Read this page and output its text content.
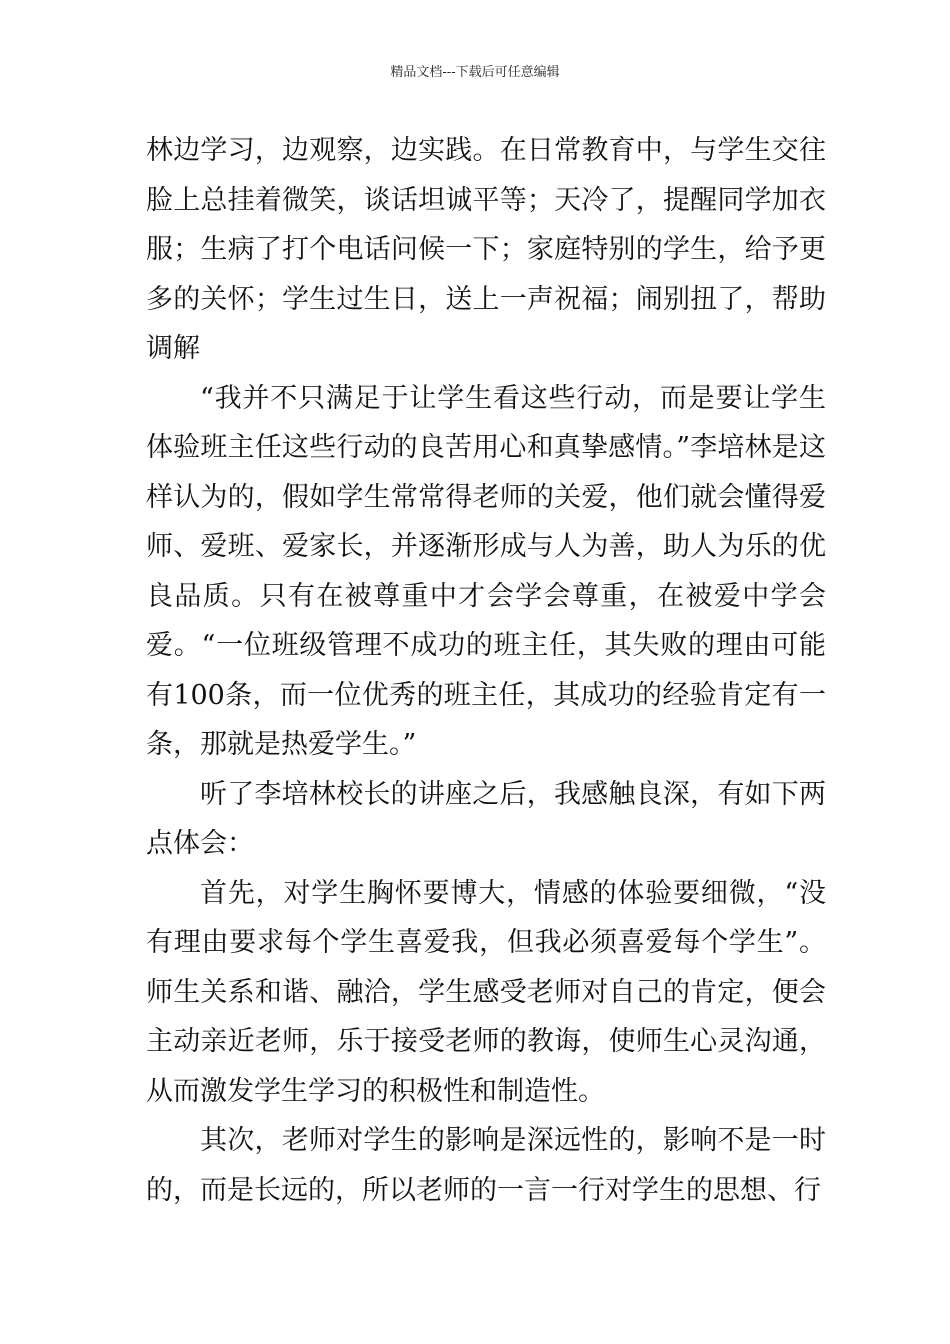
精品文档---下载后可任意编辑

林边学习，边观察，边实践。在日常教育中，与学生交往脸上总挂着微笑，谈话坦诚平等；天冷了，提醒同学加衣服；生病了打个电话问候一下；家庭特别的学生，给予更多的关怀；学生过生日，送上一声祝福；闹别扭了，帮助调解

“我并不只满足于让学生看这些行动，而是要让学生体验班主任这些行动的良苦用心和真挚感情。”李培林是这样认为的，假如学生常常得老师的关爱，他们就会懂得爱师、爱班、爱家长，并逐渐形成与人为善，助人为乐的优良品质。只有在被尊重中才会学会尊重，在被爱中学会爱。“一位班级管理不成功的班主任，其失败的理由可能有100条，而一位优秀的班主任，其成功的经验肯定有一条，那就是热爱学生。”

听了李培林校长的讲座之后，我感触良深，有如下两点体会：

首先，对学生胸怀要博大，情感的体验要细微，“没有理由要求每个学生喜爱我，但我必须喜爱每个学生”。师生关系和谐、融洽，学生感受老师对自己的肯定，便会主动亲近老师，乐于接受老师的教诲，使师生心灵沟通，从而激发学生学习的积极性和制造性。

其次，老师对学生的影响是深远性的，影响不是一时的，而是长远的，所以老师的一言一行对学生的思想、行
